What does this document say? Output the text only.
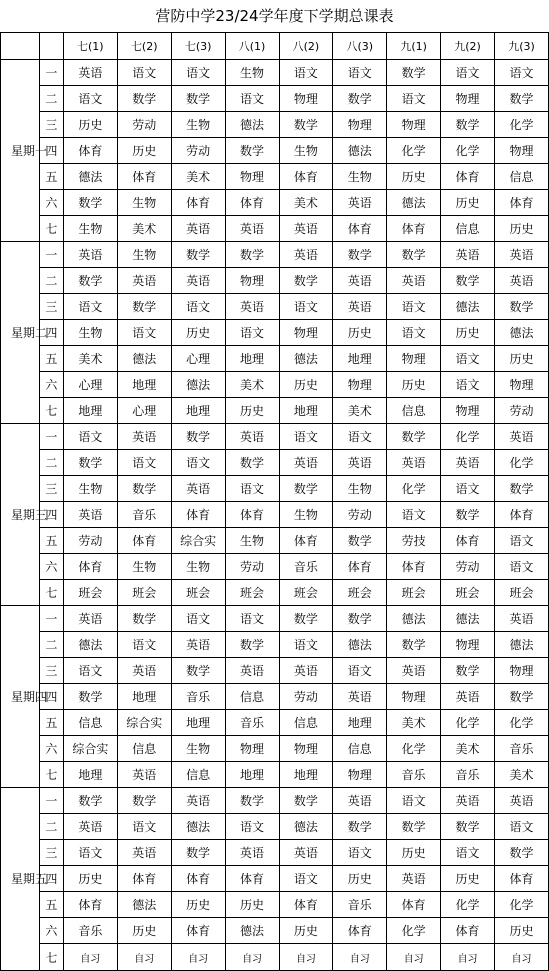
营防中学23/24学年度下学期总课表
		七(1)	七(2)	七(3)	八(1)	八(2)	八(3)	九(1)	九(2)	九(3)

星期一	一	英语	语文	语文	生物	语文	语文	数学	语文	语文
	二	语文	数学	数学	语文	物理	数学	语文	物理	数学
	三	历史	劳动	生物	德法	数学	物理	物理	数学	化学
	四	体育	历史	劳动	数学	生物	德法	化学	化学	物理
	五	德法	体育	美术	物理	体育	生物	历史	体育	信息
	六	数学	生物	体育	体育	美术	英语	德法	历史	体育
	七	生物	美术	英语	英语	英语	体育	体育	信息	历史

星期二	一	英语	生物	数学	数学	英语	数学	数学	英语	英语
	二	数学	英语	英语	物理	数学	英语	英语	数学	英语
	三	语文	数学	语文	英语	语文	英语	语文	德法	数学
	四	生物	语文	历史	语文	物理	历史	语文	历史	德法
	五	美术	德法	心理	地理	德法	地理	物理	语文	历史
	六	心理	地理	德法	美术	历史	物理	历史	语文	物理
	七	地理	心理	地理	历史	地理	美术	信息	物理	劳动

星期三	一	语文	英语	数学	英语	语文	语文	数学	化学	英语
	二	数学	语文	语文	数学	英语	英语	英语	英语	化学
	三	生物	数学	英语	语文	数学	生物	化学	语文	数学
	四	英语	音乐	体育	体育	生物	劳动	语文	数学	体育
	五	劳动	体育	综合实	生物	体育	数学	劳技	体育	语文
	六	体育	生物	生物	劳动	音乐	体育	体育	劳动	语文
	七	班会	班会	班会	班会	班会	班会	班会	班会	班会

星期四	一	英语	数学	语文	语文	数学	数学	德法	德法	英语
	二	德法	语文	英语	数学	语文	德法	数学	物理	德法
	三	语文	英语	数学	英语	英语	语文	英语	数学	物理
	四	数学	地理	音乐	信息	劳动	英语	物理	英语	数学
	五	信息	综合实	地理	音乐	信息	地理	美术	化学	化学
	六	综合实	信息	生物	物理	物理	信息	化学	美术	音乐
	七	地理	英语	信息	地理	地理	物理	音乐	音乐	美术

星期五	一	数学	数学	英语	数学	数学	英语	语文	英语	英语
	二	英语	语文	德法	语文	德法	数学	数学	数学	语文
	三	语文	英语	数学	英语	英语	语文	历史	语文	数学
	四	历史	体育	体育	体育	语文	历史	英语	历史	体育
	五	体育	德法	历史	历史	体育	音乐	体育	化学	化学
	六	音乐	历史	体育	德法	历史	体育	化学	体育	历史
	七	自习	自习	自习	自习	自习	自习	自习	自习	自习
